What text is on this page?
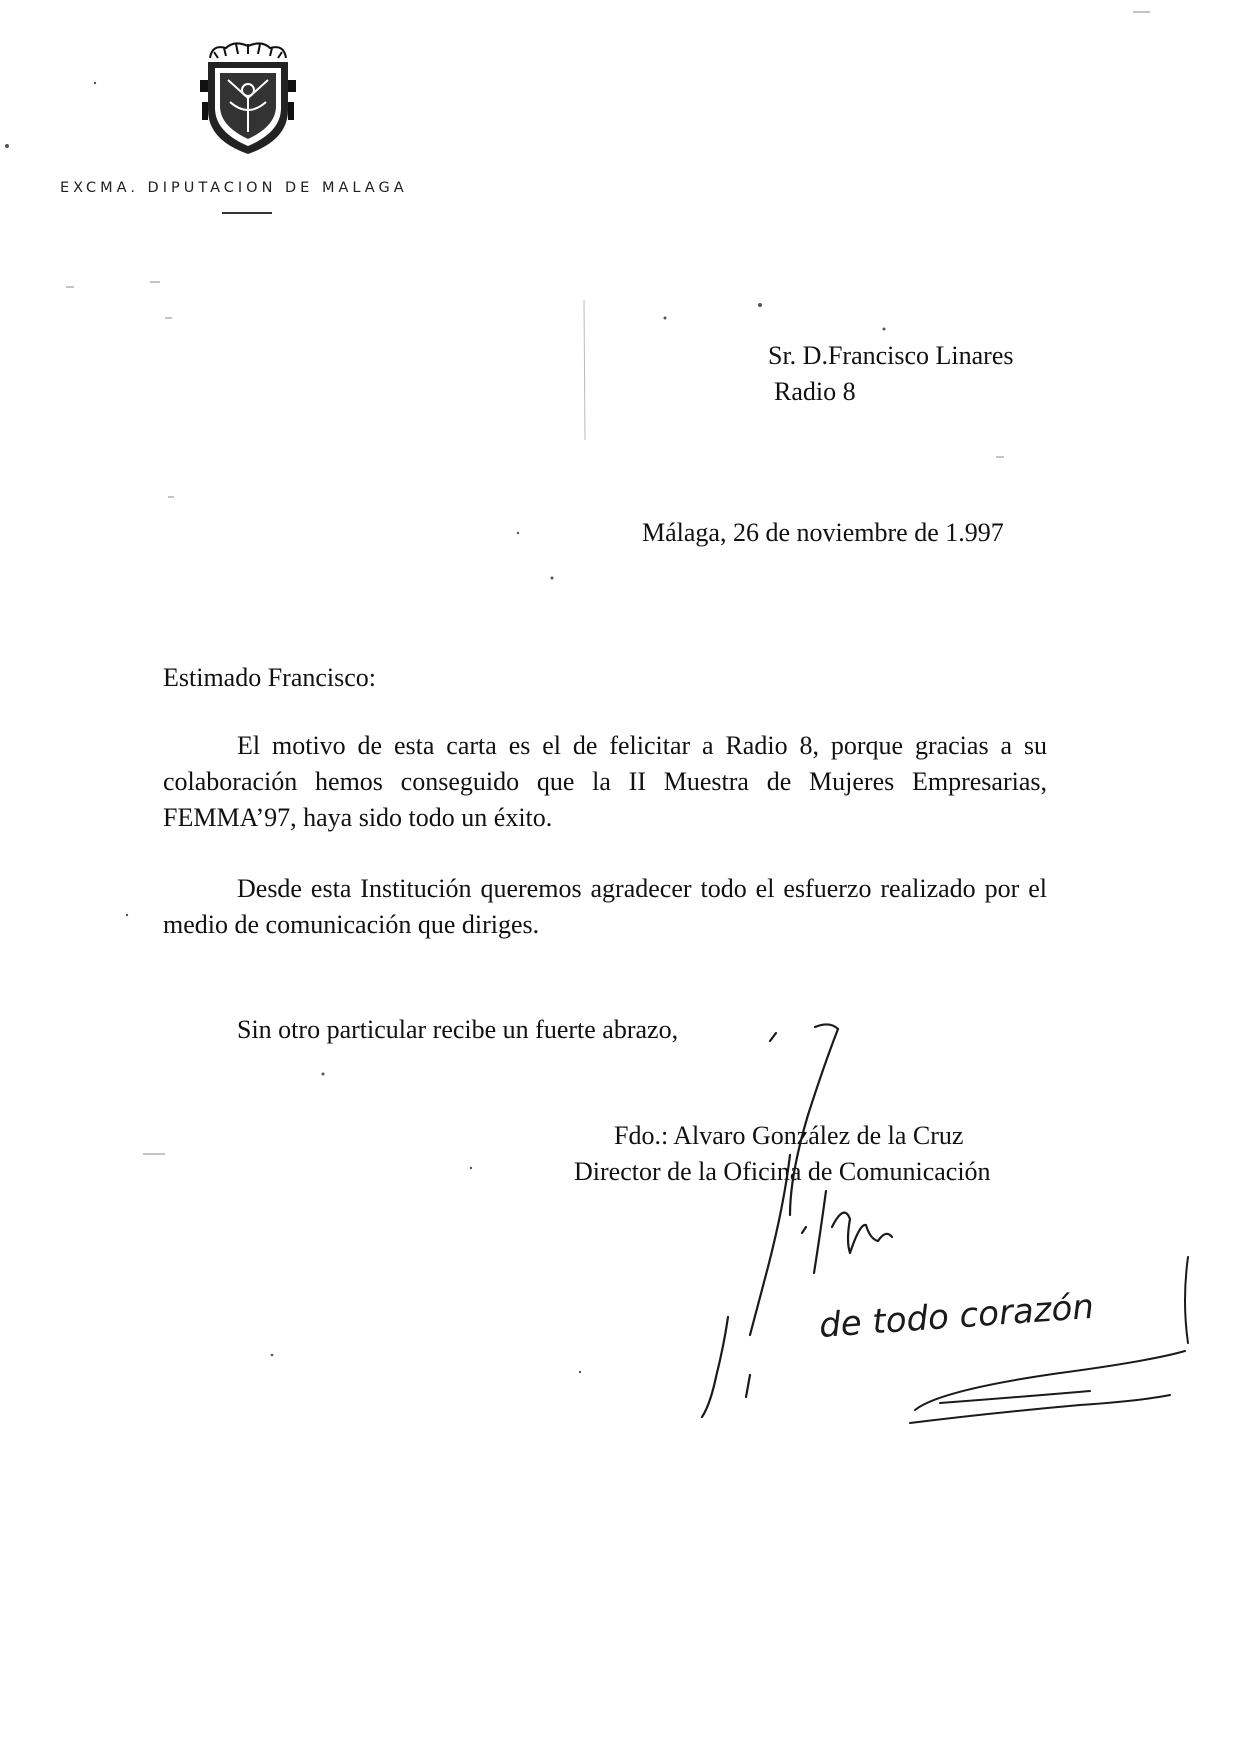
EXCMA. DIPUTACION DE MALAGA
Sr. D.Francisco Linares
Radio 8
Málaga, 26 de noviembre de 1.997
Estimado Francisco:

El motivo de esta carta es el de felicitar a Radio 8, porque gracias a su colaboración hemos conseguido que la II Muestra de Mujeres Empresarias, FEMMA’97, haya sido todo un éxito.

Desde esta Institución queremos agradecer todo el esfuerzo realizado por el medio de comunicación que diriges.

Sin otro particular recibe un fuerte abrazo,
Fdo.: Alvaro González de la Cruz
Director de la Oficina de Comunicación
de todo corazón
